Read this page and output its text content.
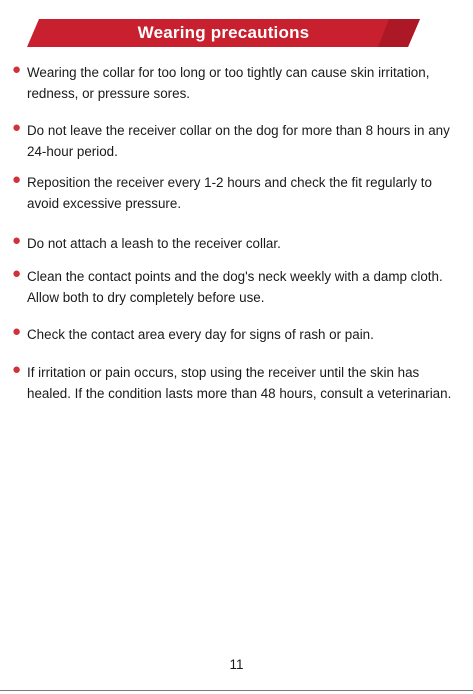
Wearing precautions
● Wearing the collar for too long or too tightly can cause skin irritation, redness, or pressure sores.
● Do not leave the receiver collar on the dog for more than 8 hours in any 24-hour period.
● Reposition the receiver every 1-2 hours and check the fit regularly to avoid excessive pressure.
● Do not attach a leash to the receiver collar.
● Clean the contact points and the dog's neck weekly with a damp cloth. Allow both to dry completely before use.
● Check the contact area every day for signs of rash or pain.
● If irritation or pain occurs, stop using the receiver until the skin has healed. If the condition lasts more than 48 hours, consult a veterinarian.
11
